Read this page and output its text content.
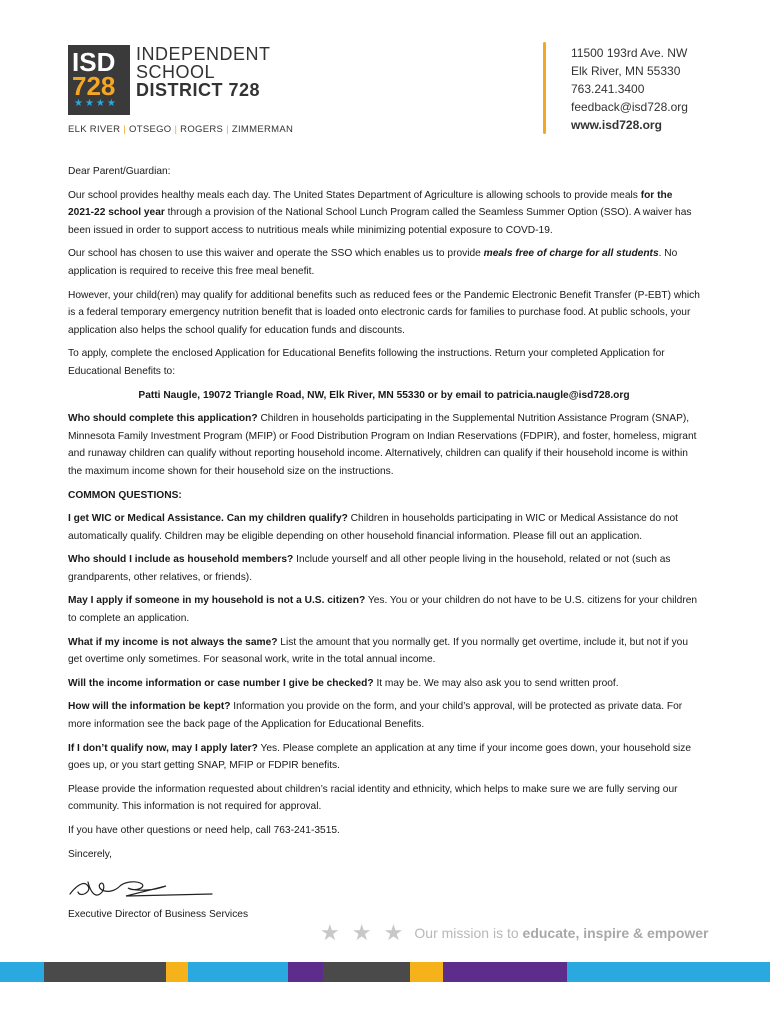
ISD
728
★★★★
INDEPENDENT
SCHOOL
DISTRICT 728
ELK RIVER | OTSEGO | ROGERS | ZIMMERMAN
11500 193rd Ave. NW
Elk River, MN 55330
763.241.3400
feedback@isd728.org
www.isd728.org

Dear Parent/Guardian:

Our school provides healthy meals each day. The United States Department of Agriculture is allowing schools to provide meals for the 2021-22 school year through a provision of the National School Lunch Program called the Seamless Summer Option (SSO). A waiver has been issued in order to support access to nutritious meals while minimizing potential exposure to COVD-19.

Our school has chosen to use this waiver and operate the SSO which enables us to provide meals free of charge for all students. No application is required to receive this free meal benefit.

However, your child(ren) may qualify for additional benefits such as reduced fees or the Pandemic Electronic Benefit Transfer (P-EBT) which is a federal temporary emergency nutrition benefit that is loaded onto electronic cards for families to purchase food. At public schools, your application also helps the school qualify for education funds and discounts.

To apply, complete the enclosed Application for Educational Benefits following the instructions. Return your completed Application for Educational Benefits to:

Patti Naugle, 19072 Triangle Road, NW, Elk River, MN 55330 or by email to patricia.naugle@isd728.org

Who should complete this application? Children in households participating in the Supplemental Nutrition Assistance Program (SNAP), Minnesota Family Investment Program (MFIP) or Food Distribution Program on Indian Reservations (FDPIR), and foster, homeless, migrant and runaway children can qualify without reporting household income. Alternatively, children can qualify if their household income is within the maximum income shown for their household size on the instructions.

COMMON QUESTIONS:

I get WIC or Medical Assistance. Can my children qualify? Children in households participating in WIC or Medical Assistance do not automatically qualify. Children may be eligible depending on other household financial information. Please fill out an application.

Who should I include as household members? Include yourself and all other people living in the household, related or not (such as grandparents, other relatives, or friends).

May I apply if someone in my household is not a U.S. citizen? Yes. You or your children do not have to be U.S. citizens for your children to complete an application.

What if my income is not always the same? List the amount that you normally get. If you normally get overtime, include it, but not if you get overtime only sometimes. For seasonal work, write in the total annual income.

Will the income information or case number I give be checked? It may be. We may also ask you to send written proof.

How will the information be kept? Information you provide on the form, and your child’s approval, will be protected as private data. For more information see the back page of the Application for Educational Benefits.

If I don’t qualify now, may I apply later? Yes. Please complete an application at any time if your income goes down, your household size goes up, or you start getting SNAP, MFIP or FDPIR benefits.

Please provide the information requested about children’s racial identity and ethnicity, which helps to make sure we are fully serving our community. This information is not required for approval.

If you have other questions or need help, call 763-241-3515.

Sincerely,

Executive Director of Business Services
★ ★ ★ Our mission is to educate, inspire & empower
